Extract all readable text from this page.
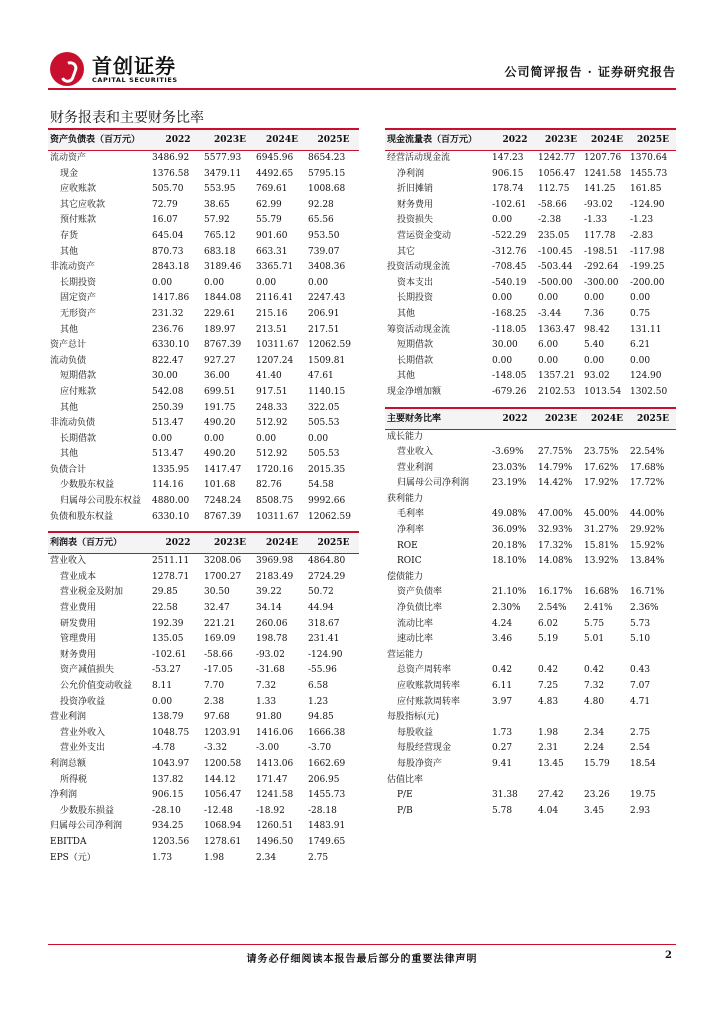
首创证券
CAPITAL SECURITIES
公司简评报告 · 证券研究报告
财务报表和主要财务比率
资产负债表（百万元）	2022	2023E	2024E	2025E
流动资产	3486.92	5577.93	6945.96	8654.23
现金	1376.58	3479.11	4492.65	5795.15
应收账款	505.70	553.95	769.61	1008.68
其它应收款	72.79	38.65	62.99	92.28
预付账款	16.07	57.92	55.79	65.56
存货	645.04	765.12	901.60	953.50
其他	870.73	683.18	663.31	739.07
非流动资产	2843.18	3189.46	3365.71	3408.36
长期投资	0.00	0.00	0.00	0.00
固定资产	1417.86	1844.08	2116.41	2247.43
无形资产	231.32	229.61	215.16	206.91
其他	236.76	189.97	213.51	217.51
资产总计	6330.10	8767.39	10311.67	12062.59
流动负债	822.47	927.27	1207.24	1509.81
短期借款	30.00	36.00	41.40	47.61
应付账款	542.08	699.51	917.51	1140.15
其他	250.39	191.75	248.33	322.05
非流动负债	513.47	490.20	512.92	505.53
长期借款	0.00	0.00	0.00	0.00
其他	513.47	490.20	512.92	505.53
负债合计	1335.95	1417.47	1720.16	2015.35
少数股东权益	114.16	101.68	82.76	54.58
归属母公司股东权益	4880.00	7248.24	8508.75	9992.66
负债和股东权益	6330.10	8767.39	10311.67	12062.59
利润表（百万元）	2022	2023E	2024E	2025E
营业收入	2511.11	3208.06	3969.98	4864.80
营业成本	1278.71	1700.27	2183.49	2724.29
营业税金及附加	29.85	30.50	39.22	50.72
营业费用	22.58	32.47	34.14	44.94
研发费用	192.39	221.21	260.06	318.67
管理费用	135.05	169.09	198.78	231.41
财务费用	-102.61	-58.66	-93.02	-124.90
资产减值损失	-53.27	-17.05	-31.68	-55.96
公允价值变动收益	8.11	7.70	7.32	6.58
投资净收益	0.00	2.38	1.33	1.23
营业利润	138.79	97.68	91.80	94.85
营业外收入	1048.75	1203.91	1416.06	1666.38
营业外支出	-4.78	-3.32	-3.00	-3.70
利润总额	1043.97	1200.58	1413.06	1662.69
所得税	137.82	144.12	171.47	206.95
净利润	906.15	1056.47	1241.58	1455.73
少数股东损益	-28.10	-12.48	-18.92	-28.18
归属母公司净利润	934.25	1068.94	1260.51	1483.91
EBITDA	1203.56	1278.61	1496.50	1749.65
EPS（元）	1.73	1.98	2.34	2.75
现金流量表（百万元）	2022	2023E	2024E	2025E
经营活动现金流	147.23	1242.77	1207.76	1370.64
净利润	906.15	1056.47	1241.58	1455.73
折旧摊销	178.74	112.75	141.25	161.85
财务费用	-102.61	-58.66	-93.02	-124.90
投资损失	0.00	-2.38	-1.33	-1.23
营运资金变动	-522.29	235.05	117.78	-2.83
其它	-312.76	-100.45	-198.51	-117.98
投资活动现金流	-708.45	-503.44	-292.64	-199.25
资本支出	-540.19	-500.00	-300.00	-200.00
长期投资	0.00	0.00	0.00	0.00
其他	-168.25	-3.44	7.36	0.75
筹资活动现金流	-118.05	1363.47	98.42	131.11
短期借款	30.00	6.00	5.40	6.21
长期借款	0.00	0.00	0.00	0.00
其他	-148.05	1357.21	93.02	124.90
现金净增加额	-679.26	2102.53	1013.54	1302.50
主要财务比率	2022	2023E	2024E	2025E
成长能力				
营业收入	-3.69%	27.75%	23.75%	22.54%
营业利润	23.03%	14.79%	17.62%	17.68%
归属母公司净利润	23.19%	14.42%	17.92%	17.72%
获利能力				
毛利率	49.08%	47.00%	45.00%	44.00%
净利率	36.09%	32.93%	31.27%	29.92%
ROE	20.18%	17.32%	15.81%	15.92%
ROIC	18.10%	14.08%	13.92%	13.84%
偿债能力				
资产负债率	21.10%	16.17%	16.68%	16.71%
净负债比率	2.30%	2.54%	2.41%	2.36%
流动比率	4.24	6.02	5.75	5.73
速动比率	3.46	5.19	5.01	5.10
营运能力				
总资产周转率	0.42	0.42	0.42	0.43
应收账款周转率	6.11	7.25	7.32	7.07
应付账款周转率	3.97	4.83	4.80	4.71
每股指标(元)				
每股收益	1.73	1.98	2.34	2.75
每股经营现金	0.27	2.31	2.24	2.54
每股净资产	9.41	13.45	15.79	18.54
估值比率				
P/E	31.38	27.42	23.26	19.75
P/B	5.78	4.04	3.45	2.93
请务必仔细阅读本报告最后部分的重要法律声明	2
